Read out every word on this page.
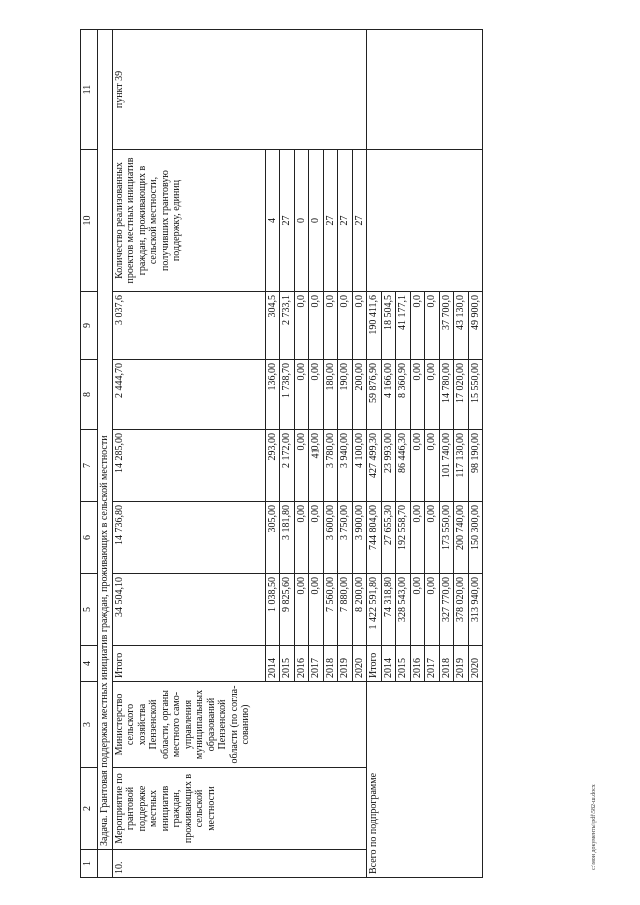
41
c:\мои документы\pdf\582-ш.docx
1	2	3	4	5	6	7	8	9	10	11
	Задача. Грантовая поддержка местных инициатив граждан, проживающих в сельской местности									
10.	Мероприятие по грантовой поддержке местных инициатив граждан, проживающих в сельской местности	Министерство сельского хозяйства Пензенской области, органы местного само-управления муниципальных образований Пензенской области (по согла-сованию)	Итого	34 504,10	14 736,80	14 285,00	2 444,70	3 037,6	Количество реализованных проектов местных инициатив граждан, проживающих в сельской местности, получивших грантовую поддержку, единиц	пункт 39
			2014	1 038,50	305,00	293,00	136,00	304,5	4	
			2015	9 825,60	3 181,80	2 172,00	1 738,70	2 733,1	27	
			2016	0,00	0,00	0,00	0,00	0,0	0	
			2017	0,00	0,00	0,00	0,00	0,0	0	
			2018	7 560,00	3 600,00	3 780,00	180,00	0,0	27	
			2019	7 880,00	3 750,00	3 940,00	190,00	0,0	27	
			2020	8 200,00	3 900,00	4 100,00	200,00	0,0	27	
Всего по подпрограмме			Итого	1 422 591,80	744 804,00	427 499,30	59 876,90	190 411,6		
			2014	74 318,80	27 655,30	23 993,00	4 166,00	18 504,5		
			2015	328 543,00	192 558,70	86 446,30	8 360,90	41 177,1		
			2016	0,00	0,00	0,00	0,00	0,0		
			2017	0,00	0,00	0,00	0,00	0,0		
			2018	327 770,00	173 550,00	101 740,00	14 780,00	37 700,0		
			2019	378 020,00	200 740,00	117 130,00	17 020,00	43 130,0		
			2020	313 940,00	150 300,00	98 190,00	15 550,00	49 900,0		
